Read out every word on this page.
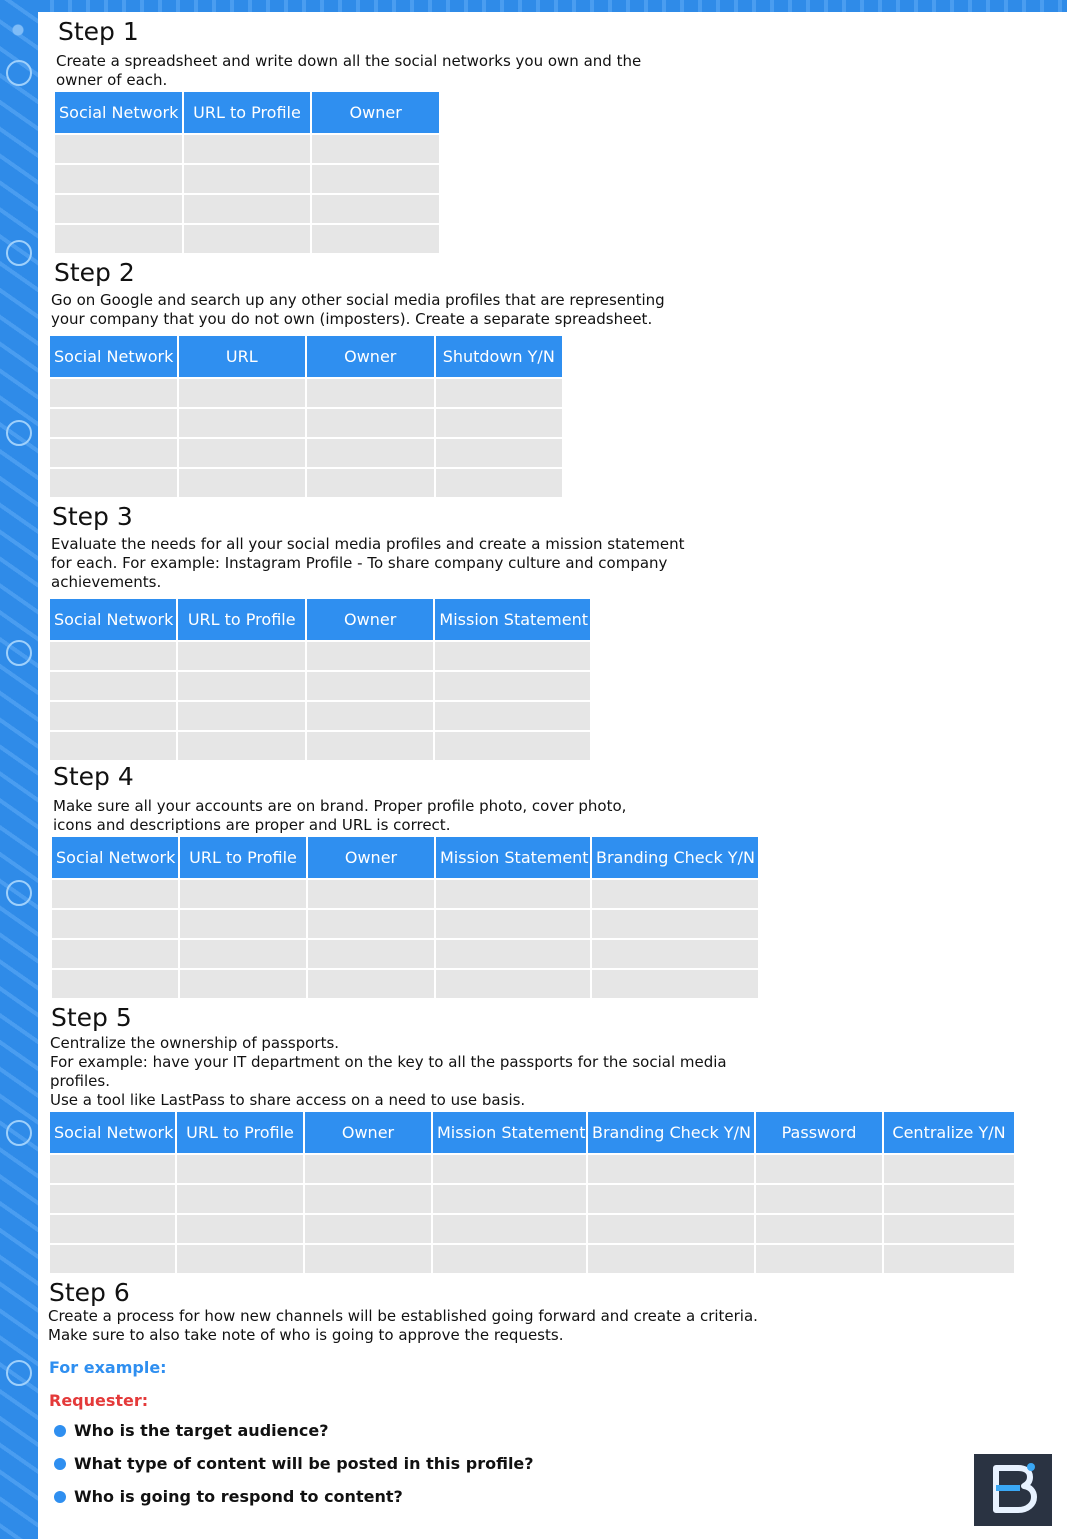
Step 1

Create a spreadsheet and write down all the social networks you own and the
owner of each.

Social Network	URL to Profile	Owner

Step 2

Go on Google and search up any other social media profiles that are representing
your company that you do not own (imposters). Create a separate spreadsheet.

Social Network	URL	Owner	Shutdown Y/N

Step 3

Evaluate the needs for all your social media profiles and create a mission statement
for each. For example: Instagram Profile - To share company culture and company
achievements.

Social Network	URL to Profile	Owner	Mission Statement

Step 4

Make sure all your accounts are on brand. Proper profile photo, cover photo,
icons and descriptions are proper and URL is correct.

Social Network	URL to Profile	Owner	Mission Statement	Branding Check Y/N

Step 5

Centralize the ownership of passports.
For example: have your IT department on the key to all the passports for the social media
profiles.
Use a tool like LastPass to share access on a need to use basis.

Social Network	URL to Profile	Owner	Mission Statement	Branding Check Y/N	Password	Centralize Y/N

Step 6

Create a process for how new channels will be established going forward and create a criteria.
Make sure to also take note of who is going to approve the requests.

For example:
Requester:
Who is the target audience?
What type of content will be posted in this profile?
Who is going to respond to content?
